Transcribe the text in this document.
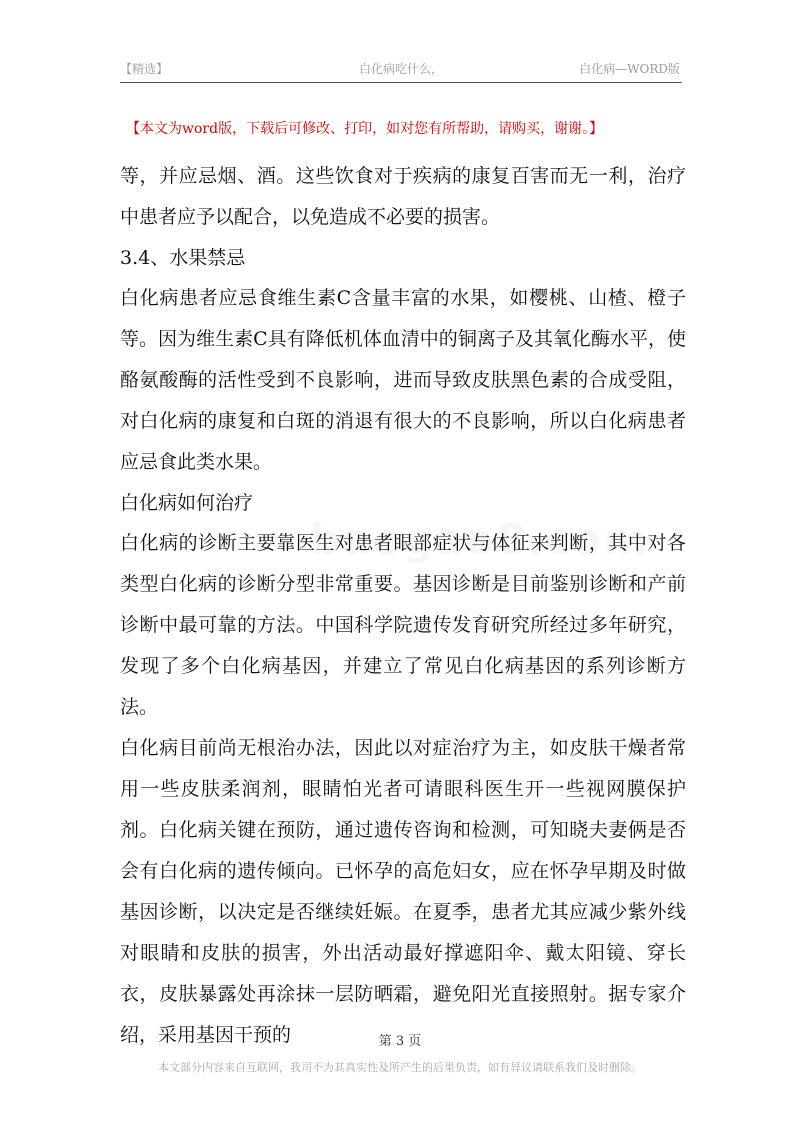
【精选】	白化病吃什么，	白化病—WORD版
【本文为word版，下载后可修改、打印，如对您有所帮助，请购买，谢谢。】

等，并应忌烟、酒。这些饮食对于疾病的康复百害而无一利，治疗中患者应予以配合，以免造成不必要的损害。

3.4、水果禁忌

白化病患者应忌食维生素C含量丰富的水果，如樱桃、山楂、橙子等。因为维生素C具有降低机体血清中的铜离子及其氧化酶水平，使酪氨酸酶的活性受到不良影响，进而导致皮肤黑色素的合成受阻，对白化病的康复和白斑的消退有很大的不良影响，所以白化病患者应忌食此类水果。

白化病如何治疗

白化病的诊断主要靠医生对患者眼部症状与体征来判断，其中对各类型白化病的诊断分型非常重要。基因诊断是目前鉴别诊断和产前诊断中最可靠的方法。中国科学院遗传发育研究所经过多年研究，发现了多个白化病基因，并建立了常见白化病基因的系列诊断方法。

白化病目前尚无根治办法，因此以对症治疗为主，如皮肤干燥者常用一些皮肤柔润剂，眼睛怕光者可请眼科医生开一些视网膜保护剂。白化病关键在预防，通过遗传咨询和检测，可知晓夫妻俩是否会有白化病的遗传倾向。已怀孕的高危妇女，应在怀孕早期及时做基因诊断，以决定是否继续妊娠。在夏季，患者尤其应减少紫外线对眼睛和皮肤的损害，外出活动最好撑遮阳伞、戴太阳镜、穿长衣，皮肤暴露处再涂抹一层防晒霜，避免阳光直接照射。据专家介绍，采用基因干预的	第 3 页
本文部分内容来自互联网，我司不为其真实性及所产生的后果负责，如有异议请联系我们及时删除。
